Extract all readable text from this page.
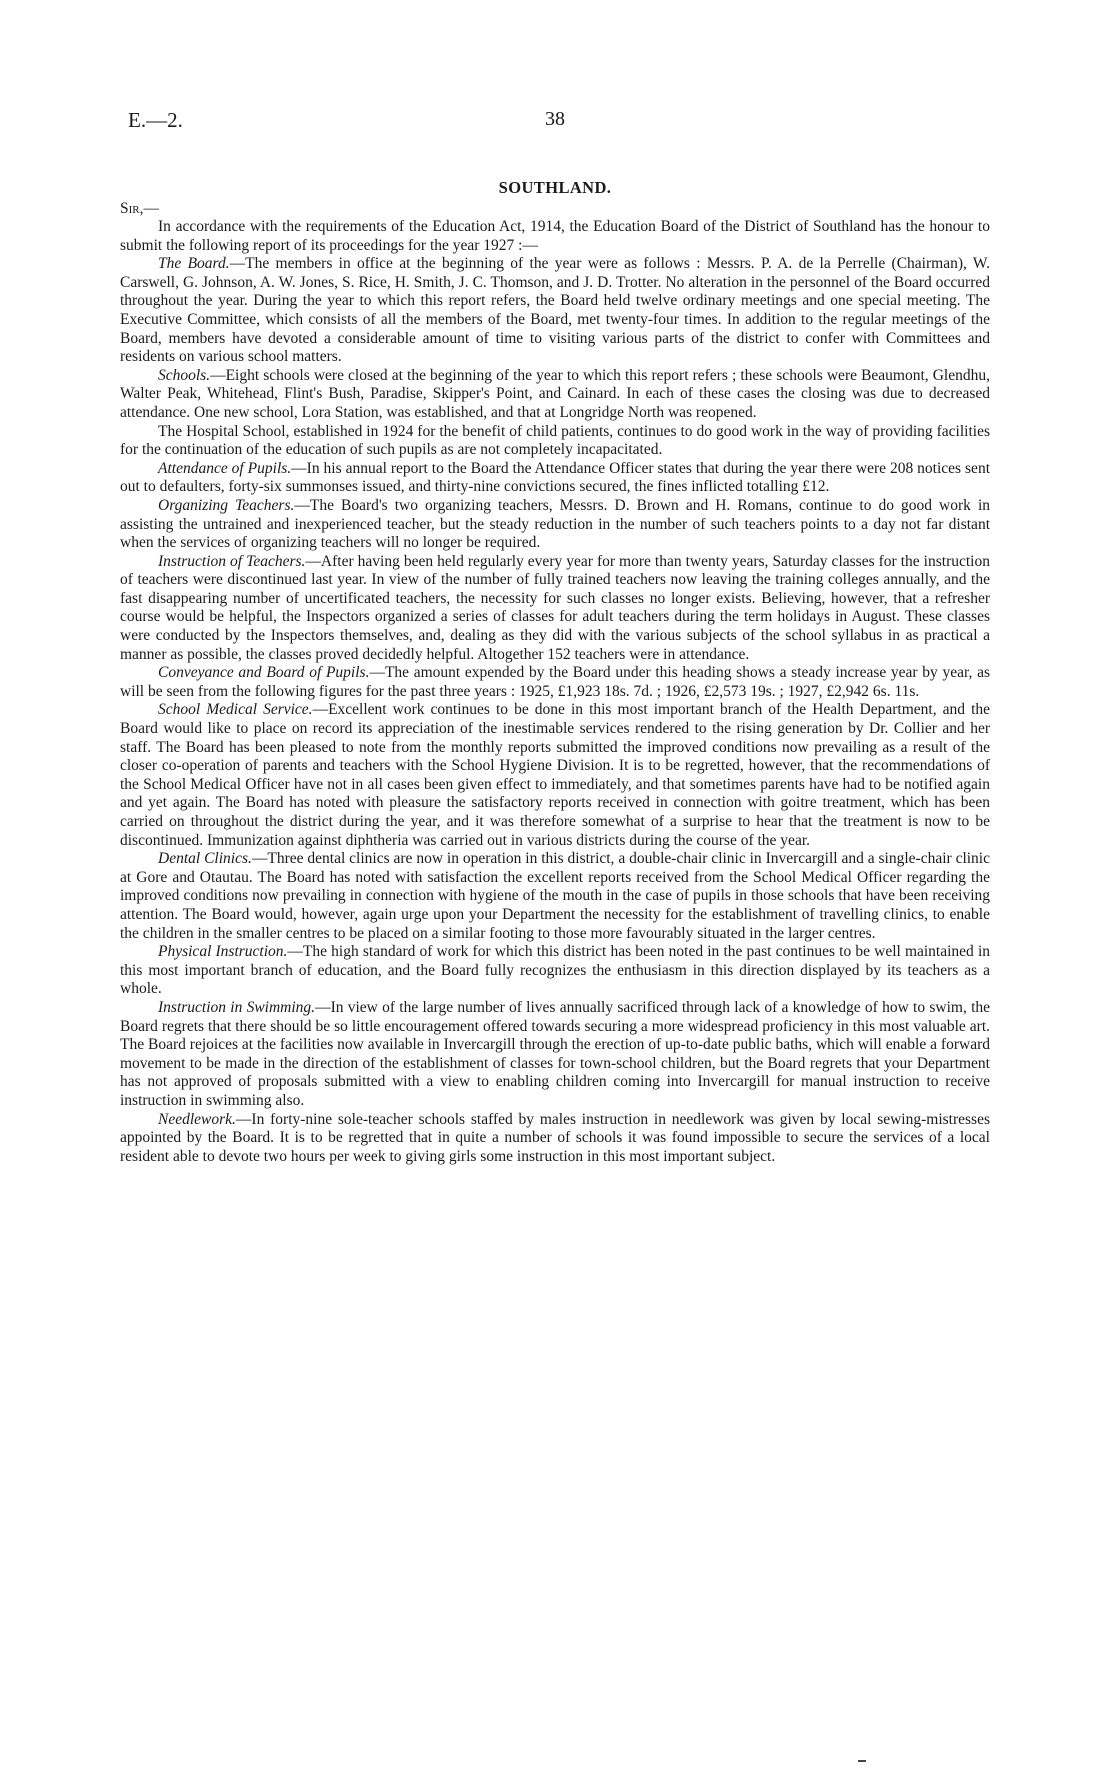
E.—2.	38
SOUTHLAND.
Sir,—

In accordance with the requirements of the Education Act, 1914, the Education Board of the District of Southland has the honour to submit the following report of its proceedings for the year 1927 :—

The Board.—The members in office at the beginning of the year were as follows : Messrs. P. A. de la Perrelle (Chairman), W. Carswell, G. Johnson, A. W. Jones, S. Rice, H. Smith, J. C. Thomson, and J. D. Trotter. No alteration in the personnel of the Board occurred throughout the year. During the year to which this report refers, the Board held twelve ordinary meetings and one special meeting. The Executive Committee, which consists of all the members of the Board, met twenty-four times. In addition to the regular meetings of the Board, members have devoted a considerable amount of time to visiting various parts of the district to confer with Committees and residents on various school matters.

Schools.—Eight schools were closed at the beginning of the year to which this report refers ; these schools were Beaumont, Glendhu, Walter Peak, Whitehead, Flint's Bush, Paradise, Skipper's Point, and Cainard. In each of these cases the closing was due to decreased attendance. One new school, Lora Station, was established, and that at Longridge North was reopened.

The Hospital School, established in 1924 for the benefit of child patients, continues to do good work in the way of providing facilities for the continuation of the education of such pupils as are not completely incapacitated.

Attendance of Pupils.—In his annual report to the Board the Attendance Officer states that during the year there were 208 notices sent out to defaulters, forty-six summonses issued, and thirty-nine convictions secured, the fines inflicted totalling £12.

Organizing Teachers.—The Board's two organizing teachers, Messrs. D. Brown and H. Romans, continue to do good work in assisting the untrained and inexperienced teacher, but the steady reduction in the number of such teachers points to a day not far distant when the services of organizing teachers will no longer be required.

Instruction of Teachers.—After having been held regularly every year for more than twenty years, Saturday classes for the instruction of teachers were discontinued last year. In view of the number of fully trained teachers now leaving the training colleges annually, and the fast disappearing number of uncertificated teachers, the necessity for such classes no longer exists. Believing, however, that a refresher course would be helpful, the Inspectors organized a series of classes for adult teachers during the term holidays in August. These classes were conducted by the Inspectors themselves, and, dealing as they did with the various subjects of the school syllabus in as practical a manner as possible, the classes proved decidedly helpful. Altogether 152 teachers were in attendance.

Conveyance and Board of Pupils.—The amount expended by the Board under this heading shows a steady increase year by year, as will be seen from the following figures for the past three years : 1925, £1,923 18s. 7d. ; 1926, £2,573 19s. ; 1927, £2,942 6s. 11s.

School Medical Service.—Excellent work continues to be done in this most important branch of the Health Department, and the Board would like to place on record its appreciation of the inestimable services rendered to the rising generation by Dr. Collier and her staff. The Board has been pleased to note from the monthly reports submitted the improved conditions now prevailing as a result of the closer co-operation of parents and teachers with the School Hygiene Division. It is to be regretted, however, that the recommendations of the School Medical Officer have not in all cases been given effect to immediately, and that sometimes parents have had to be notified again and yet again. The Board has noted with pleasure the satisfactory reports received in connection with goitre treatment, which has been carried on throughout the district during the year, and it was therefore somewhat of a surprise to hear that the treatment is now to be discontinued. Immunization against diphtheria was carried out in various districts during the course of the year.

Dental Clinics.—Three dental clinics are now in operation in this district, a double-chair clinic in Invercargill and a single-chair clinic at Gore and Otautau. The Board has noted with satisfaction the excellent reports received from the School Medical Officer regarding the improved conditions now prevailing in connection with hygiene of the mouth in the case of pupils in those schools that have been receiving attention. The Board would, however, again urge upon your Department the necessity for the establishment of travelling clinics, to enable the children in the smaller centres to be placed on a similar footing to those more favourably situated in the larger centres.

Physical Instruction.—The high standard of work for which this district has been noted in the past continues to be well maintained in this most important branch of education, and the Board fully recognizes the enthusiasm in this direction displayed by its teachers as a whole.

Instruction in Swimming.—In view of the large number of lives annually sacrificed through lack of a knowledge of how to swim, the Board regrets that there should be so little encouragement offered towards securing a more widespread proficiency in this most valuable art. The Board rejoices at the facilities now available in Invercargill through the erection of up-to-date public baths, which will enable a forward movement to be made in the direction of the establishment of classes for town-school children, but the Board regrets that your Department has not approved of proposals submitted with a view to enabling children coming into Invercargill for manual instruction to receive instruction in swimming also.

Needlework.—In forty-nine sole-teacher schools staffed by males instruction in needlework was given by local sewing-mistresses appointed by the Board. It is to be regretted that in quite a number of schools it was found impossible to secure the services of a local resident able to devote two hours per week to giving girls some instruction in this most important subject.
